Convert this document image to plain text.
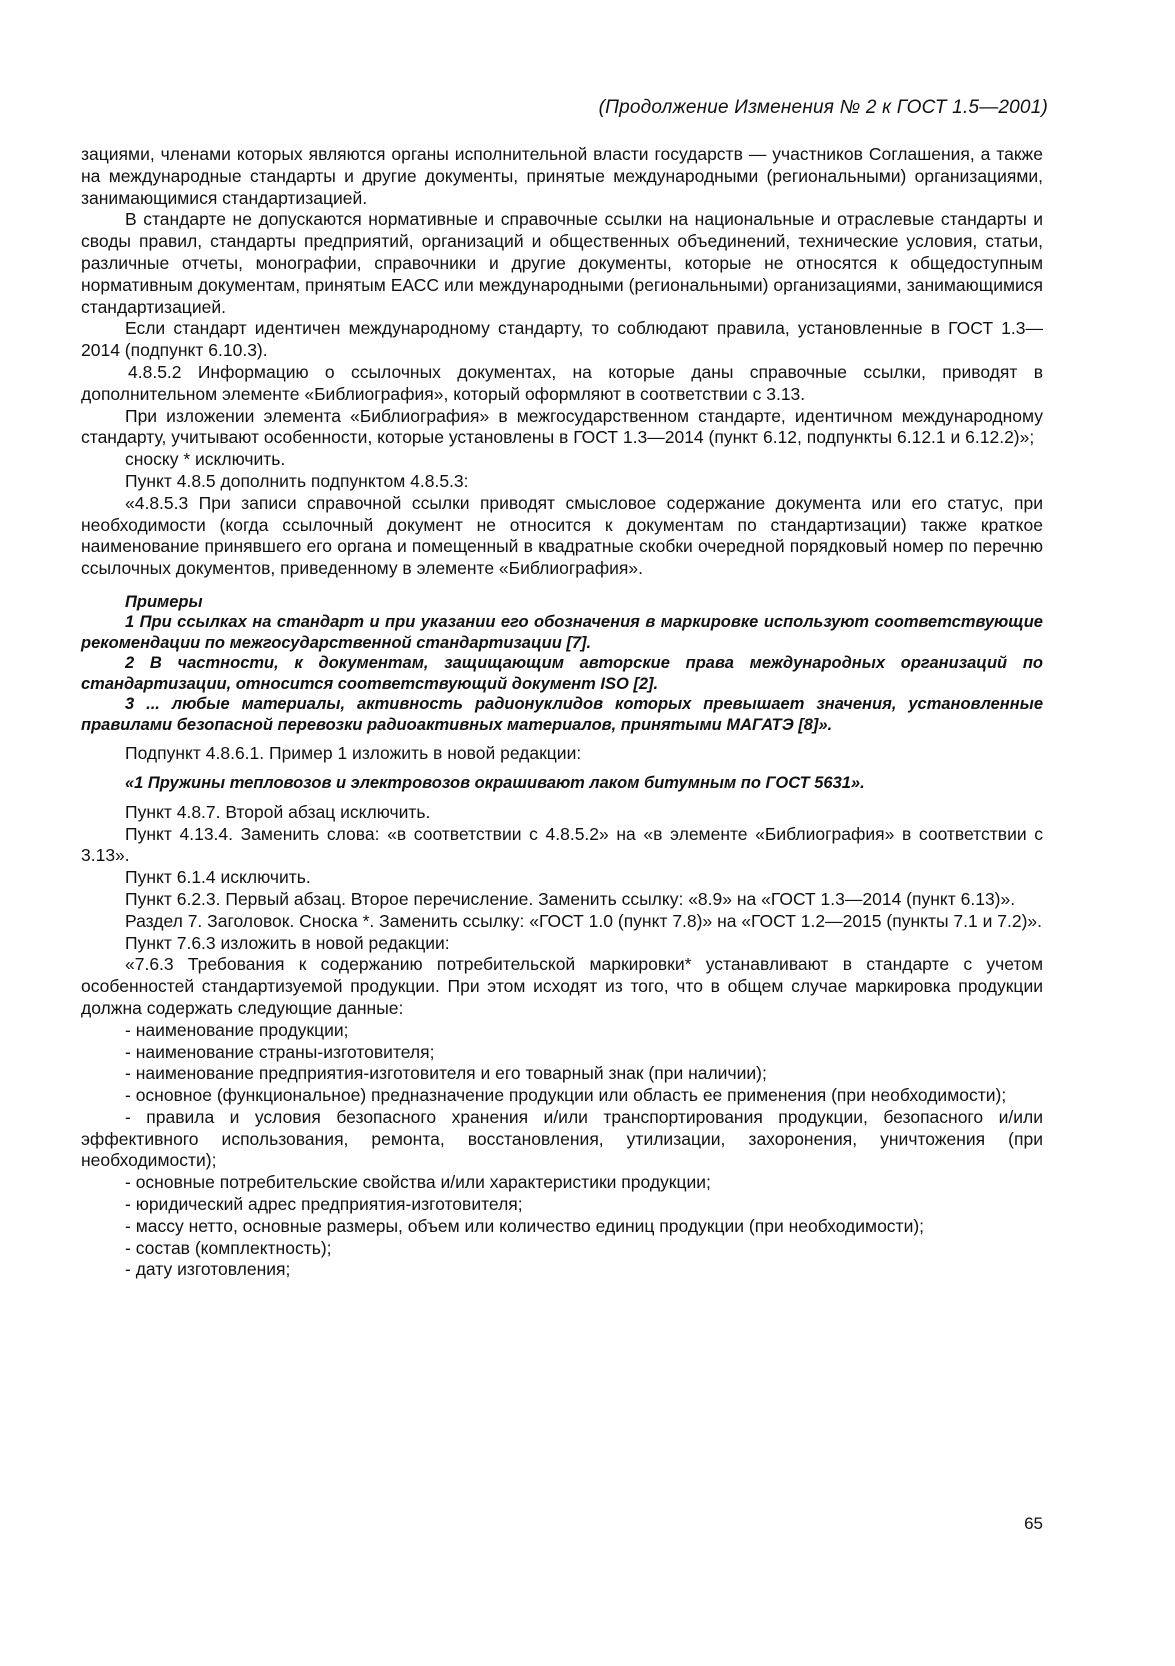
(Продолжение Изменения № 2 к ГОСТ 1.5—2001)

зациями, членами которых являются органы исполнительной власти государств — участников Соглашения, а также на международные стандарты и другие документы, принятые международными (региональными) организациями, занимающимися стандартизацией.

В стандарте не допускаются нормативные и справочные ссылки на национальные и отраслевые стандарты и своды правил, стандарты предприятий, организаций и общественных объединений, технические условия, статьи, различные отчеты, монографии, справочники и другие документы, которые не относятся к общедоступным нормативным документам, принятым ЕАСС или международными (региональными) организациями, занимающимися стандартизацией.

Если стандарт идентичен международному стандарту, то соблюдают правила, установленные в ГОСТ 1.3—2014 (подпункт 6.10.3).

4.8.5.2 Информацию о ссылочных документах, на которые даны справочные ссылки, приводят в дополнительном элементе «Библиография», который оформляют в соответствии с 3.13.

При изложении элемента «Библиография» в межгосударственном стандарте, идентичном международному стандарту, учитывают особенности, которые установлены в ГОСТ 1.3—2014 (пункт 6.12, подпункты 6.12.1 и 6.12.2)»;

сноску * исключить.

Пункт 4.8.5 дополнить подпунктом 4.8.5.3:

«4.8.5.3 При записи справочной ссылки приводят смысловое содержание документа или его статус, при необходимости (когда ссылочный документ не относится к документам по стандартизации) также краткое наименование принявшего его органа и помещенный в квадратные скобки очередной порядковый номер по перечню ссылочных документов, приведенному в элементе «Библиография».

Примеры

1 При ссылках на стандарт и при указании его обозначения в маркировке используют соответствующие рекомендации по межгосударственной стандартизации [7].

2 В частности, к документам, защищающим авторские права международных организаций по стандартизации, относится соответствующий документ ISO [2].

3 ... любые материалы, активность радионуклидов которых превышает значения, установленные правилами безопасной перевозки радиоактивных материалов, принятыми МАГАТЭ [8]».

Подпункт 4.8.6.1. Пример 1 изложить в новой редакции:

«1 Пружины тепловозов и электровозов окрашивают лаком битумным по ГОСТ 5631».

Пункт 4.8.7. Второй абзац исключить.

Пункт 4.13.4. Заменить слова: «в соответствии с 4.8.5.2» на «в элементе «Библиография» в соответствии с 3.13».

Пункт 6.1.4 исключить.

Пункт 6.2.3. Первый абзац. Второе перечисление. Заменить ссылку: «8.9» на «ГОСТ 1.3—2014 (пункт 6.13)».

Раздел 7. Заголовок. Сноска *. Заменить ссылку: «ГОСТ 1.0 (пункт 7.8)» на «ГОСТ 1.2—2015 (пункты 7.1 и 7.2)».

Пункт 7.6.3 изложить в новой редакции:

«7.6.3 Требования к содержанию потребительской маркировки* устанавливают в стандарте с учетом особенностей стандартизуемой продукции. При этом исходят из того, что в общем случае маркировка продукции должна содержать следующие данные:

- наименование продукции;

- наименование страны-изготовителя;

- наименование предприятия-изготовителя и его товарный знак (при наличии);

- основное (функциональное) предназначение продукции или область ее применения (при необходимости);

- правила и условия безопасного хранения и/или транспортирования продукции, безопасного и/или эффективного использования, ремонта, восстановления, утилизации, захоронения, уничтожения (при необходимости);

- основные потребительские свойства и/или характеристики продукции;

- юридический адрес предприятия-изготовителя;

- массу нетто, основные размеры, объем или количество единиц продукции (при необходимости);

- состав (комплектность);

- дату изготовления;

65
